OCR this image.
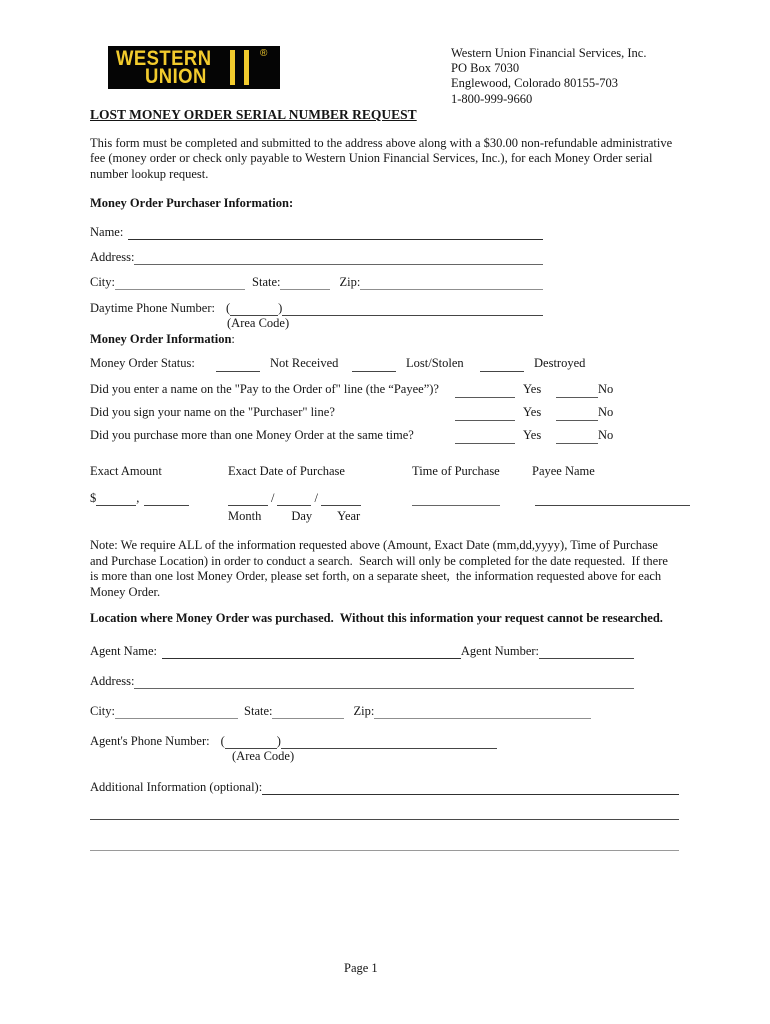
WESTERN
UNION
®	Western Union Financial Services, Inc.
PO Box 7030
Englewood, Colorado 80155-703
1-800-999-9660
LOST MONEY ORDER SERIAL NUMBER REQUEST
This form must be completed and submitted to the address above along with a $30.00 non-refundable administrative
fee (money order or check only payable to Western Union Financial Services, Inc.), for each Money Order serial
number lookup request.
Money Order Purchaser Information:
Name:
Address:
City:	State:	Zip:
Daytime Phone Number: (	)
(Area Code)
Money Order Information:
Money Order Status:	Not Received	Lost/Stolen	Destroyed
Did you enter a name on the "Pay to the Order of" line (the “Payee”)?	Yes	No
Did you sign your name on the "Purchaser" line?	Yes	No
Did you purchase more than one Money Order at the same time?	Yes	No
Exact Amount	Exact Date of Purchase	Time of Purchase	Payee Name
$	,	/	/
Month Day Year
Note: We require ALL of the information requested above (Amount, Exact Date (mm,dd,yyyy), Time of Purchase
and Purchase Location) in order to conduct a search.  Search will only be completed for the date requested.  If there
is more than one lost Money Order, please set forth, on a separate sheet,  the information requested above for each
Money Order.
Location where Money Order was purchased.  Without this information your request cannot be researched.
Agent Name:	Agent Number:
Address:
City:	State:	Zip:
Agent's Phone Number: (	)
(Area Code)
Additional Information (optional):
Page 1
